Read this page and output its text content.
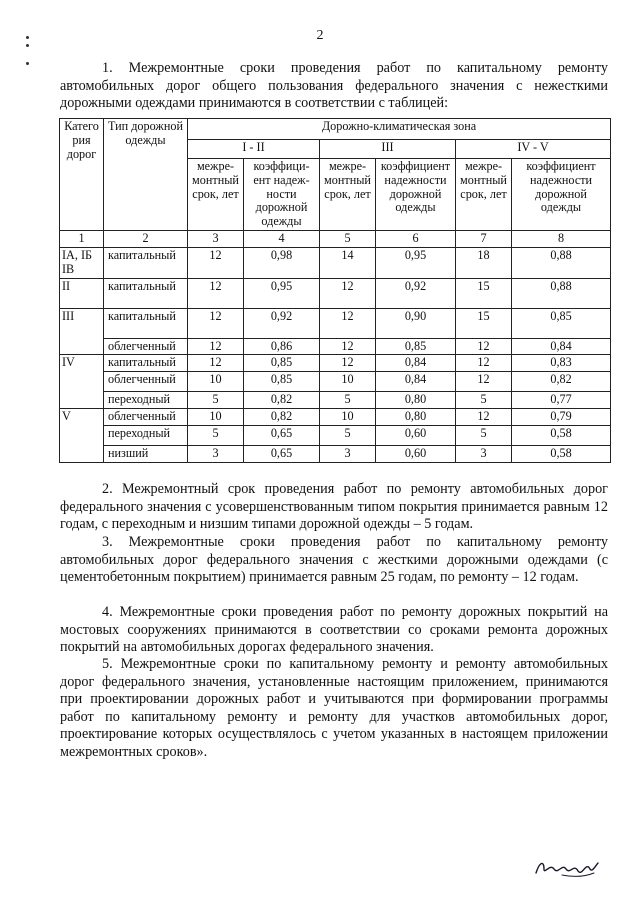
2
1. Межремонтные сроки проведения работ по капитальному ремонту автомобильных дорог общего пользования федерального значения с нежесткими дорожными одеждами принимаются в соответствии с таблицей:
Катего рия дорог	Тип дорожной одежды	Дорожно-климатическая зона					
		I - II		III		IV - V	
		межре- монтный срок, лет	коэффици- ент надеж- ности дорожной одежды	межре- монтный срок, лет	коэффициент надежности дорожной одежды	межре- монтный срок, лет	коэффициент надежности дорожной одежды
1	2	3	4	5	6	7	8
IA, IБ IB	капитальный	12	0,98	14	0,95	18	0,88
II	капитальный	12	0,95	12	0,92	15	0,88
III	капитальный	12	0,92	12	0,90	15	0,85
	облегченный	12	0,86	12	0,85	12	0,84
IV	капитальный	12	0,85	12	0,84	12	0,83
	облегченный	10	0,85	10	0,84	12	0,82
	переходный	5	0,82	5	0,80	5	0,77
V	облегченный	10	0,82	10	0,80	12	0,79
	переходный	5	0,65	5	0,60	5	0,58
	низший	3	0,65	3	0,60	3	0,58
2. Межремонтный срок проведения работ по ремонту автомобильных дорог федерального значения с усовершенствованным типом покрытия принимается равным 12 годам, с переходным и низшим типами дорожной одежды – 5 годам.
3. Межремонтные сроки проведения работ по капитальному ремонту автомобильных дорог федерального значения с жесткими дорожными одеждами (с цементобетонным покрытием) принимается равным 25 годам, по ремонту – 12 годам.
4. Межремонтные сроки проведения работ по ремонту дорожных покрытий на мостовых сооружениях принимаются в соответствии со сроками ремонта дорожных покрытий на автомобильных дорогах федерального значения.
5. Межремонтные сроки по капитальному ремонту и ремонту автомобильных дорог федерального значения, установленные настоящим приложением, принимаются при проектировании дорожных работ и учитываются при формировании программы работ по капитальному ремонту и ремонту для участков автомобильных дорог, проектирование которых осуществлялось с учетом указанных в настоящем приложении межремонтных сроков».
